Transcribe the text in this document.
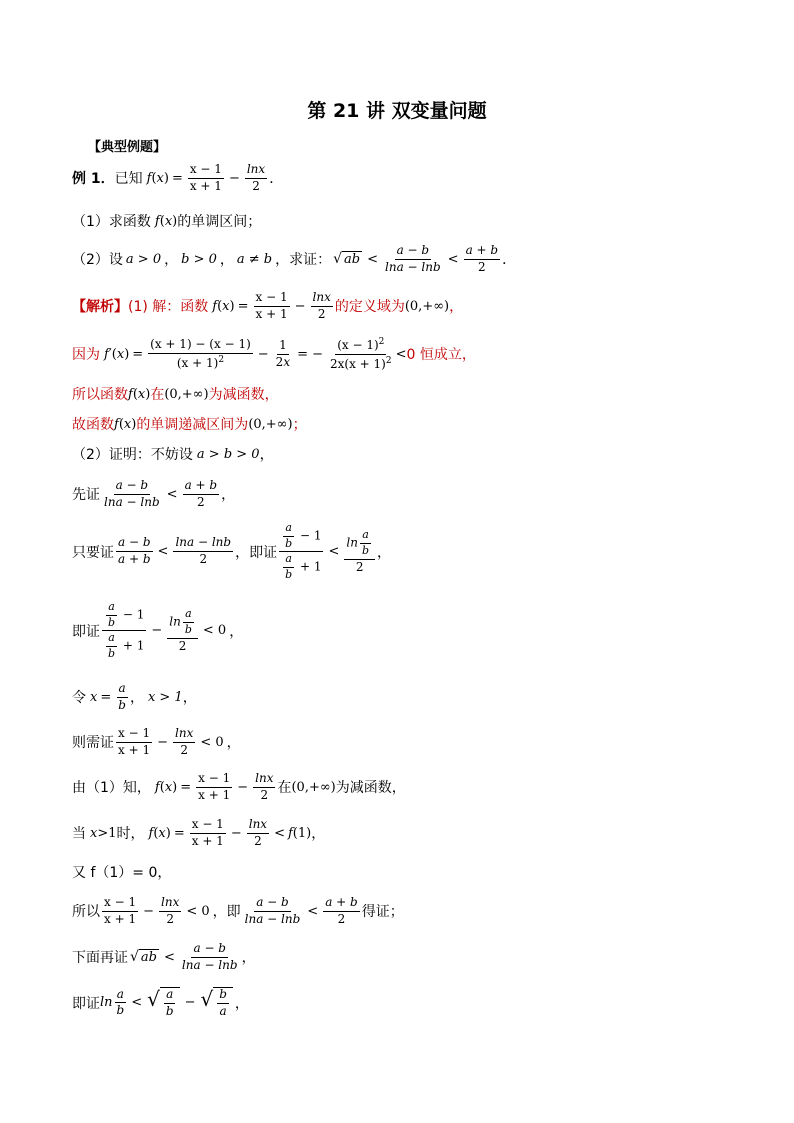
第 21 讲 双变量问题
【典型例题】
例 1． 已知 f ( x ) = $\frac{x - 1}{x + 1} - \frac{\ln x}{2}$ ．
（1）求函数 f ( x ) 的单调区间；
（2）设 a > 0 ， b > 0 ， a ≠ b ，求证： √ ab < $\frac{a - b}{\ln a - \ln b} < \frac{a + b}{2}$ ．
【解析】 (1) 解：函数 f ( x ) = $\frac{x - 1}{x + 1} - \frac{\ln x}{2}$ 的定义域为 (0,+∞) ，
因为 f ′( x ) = $\frac{(x + 1) - (x - 1)}{(x + 1)^2} - \frac{1}{2x}$ = − $\frac{(x - 1)^2}{2x(x + 1)^2} < 0$ 恒成立，
所以函数 f ( x ) 在 (0,+∞) 为减函数，
故函数 f ( x ) 的单调递减区间为 (0,+∞) ；
（2）证明：不妨设 a > b > 0 ，
先证 $\frac{a - b}{\ln a - \ln b} < \frac{a + b}{2}$ ，
只要证 $\frac{a - b}{a + b} < \frac{\ln a - \ln b}{2}$ ，即证 $\frac{\frac{a}{b} - 1}{\frac{a}{b} + 1} < \frac{\ln \frac{a}{b}}{2}$ ，
即证 $\frac{\frac{a}{b} - 1}{\frac{a}{b} + 1} - \frac{\ln \frac{a}{b}}{2} < 0$ ，
令 $x = \frac{a}{b}$ ， x > 1 ，
则需证 $\frac{x - 1}{x + 1} - \frac{\ln x}{2} < 0$ ，
由（1）知， f ( x ) = $\frac{x - 1}{x + 1} - \frac{\ln x}{2}$ 在 (0,+∞) 为减函数，
当 x >1 时， f ( x ) = $\frac{x - 1}{x + 1} - \frac{\ln x}{2} < f$ (1) ，
又 f（1）= 0，
所以 $\frac{x - 1}{x + 1} - \frac{\ln x}{2} < 0$ ，即 $\frac{a - b}{\ln a - \ln b} < \frac{a + b}{2}$ 得证；
下面再证 √ ab < $\frac{a - b}{\ln a - \ln b}$ ，
即证 $\ln \frac{a}{b}$ < √ $\frac{a}{b}$ − √ $\frac{b}{a}$ ，
